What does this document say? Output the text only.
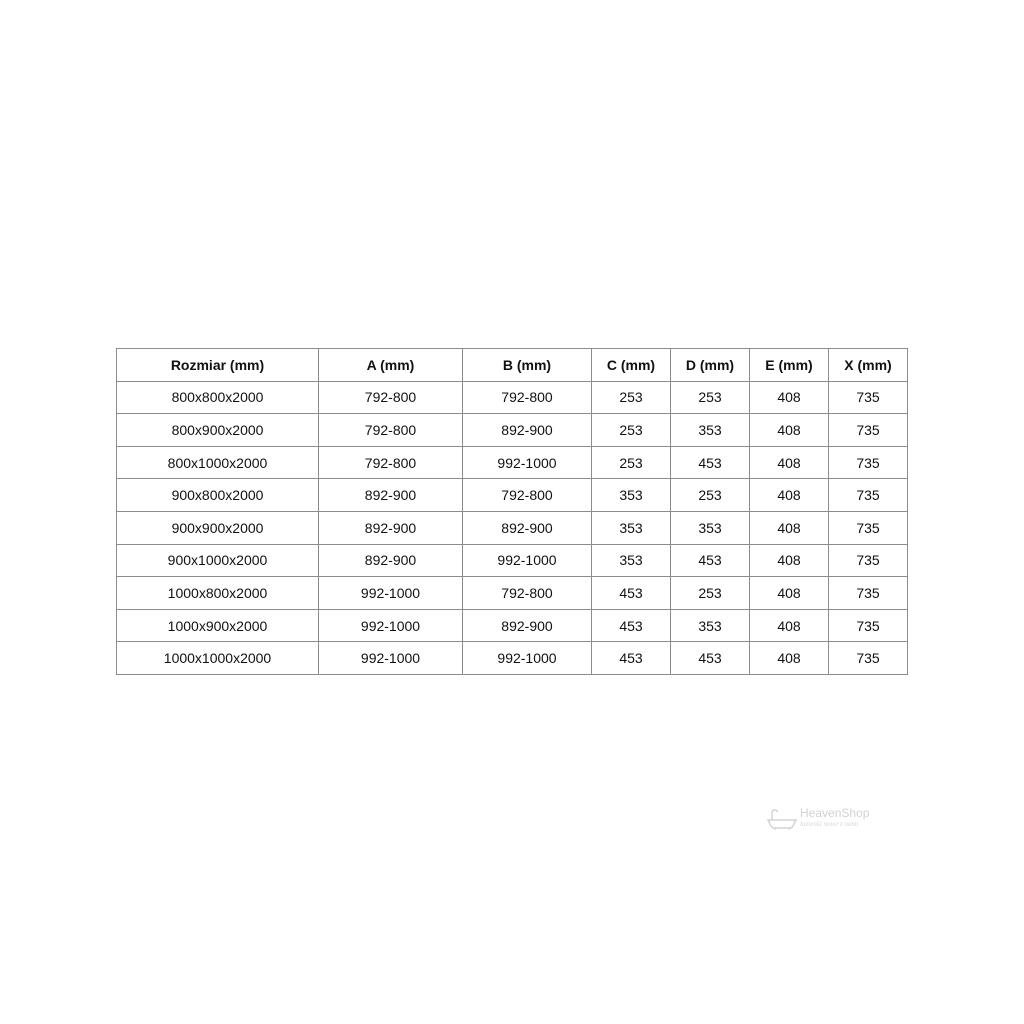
Rozmiar (mm)	A (mm)	B (mm)	C (mm)	D (mm)	E (mm)	X (mm)
800x800x2000	792-800	792-800	253	253	408	735
800x900x2000	792-800	892-900	253	353	408	735
800x1000x2000	792-800	992-1000	253	453	408	735
900x800x2000	892-900	792-800	353	253	408	735
900x900x2000	892-900	892-900	353	353	408	735
900x1000x2000	892-900	992-1000	353	453	408	735
1000x800x2000	992-1000	792-800	453	253	408	735
1000x900x2000	992-1000	892-900	453	353	408	735
1000x1000x2000	992-1000	992-1000	453	453	408	735
HeavenShop
łazienki nowe z nami
